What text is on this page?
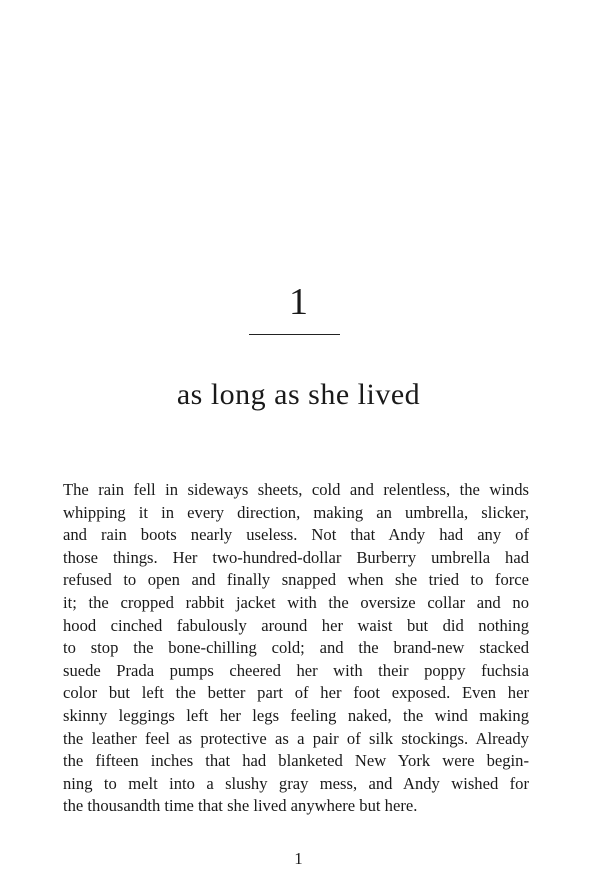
1
as long as she lived
The rain fell in sideways sheets, cold and relentless, the winds
whipping it in every direction, making an umbrella, slicker,
and rain boots nearly useless. Not that Andy had any of
those things. Her two-hundred-dollar Burberry umbrella had
refused to open and finally snapped when she tried to force
it; the cropped rabbit jacket with the oversize collar and no
hood cinched fabulously around her waist but did nothing
to stop the bone-chilling cold; and the brand-new stacked
suede Prada pumps cheered her with their poppy fuchsia
color but left the better part of her foot exposed. Even her
skinny leggings left her legs feeling naked, the wind making
the leather feel as protective as a pair of silk stockings. Already
the fifteen inches that had blanketed New York were begin-
ning to melt into a slushy gray mess, and Andy wished for
the thousandth time that she lived anywhere but here.
1
